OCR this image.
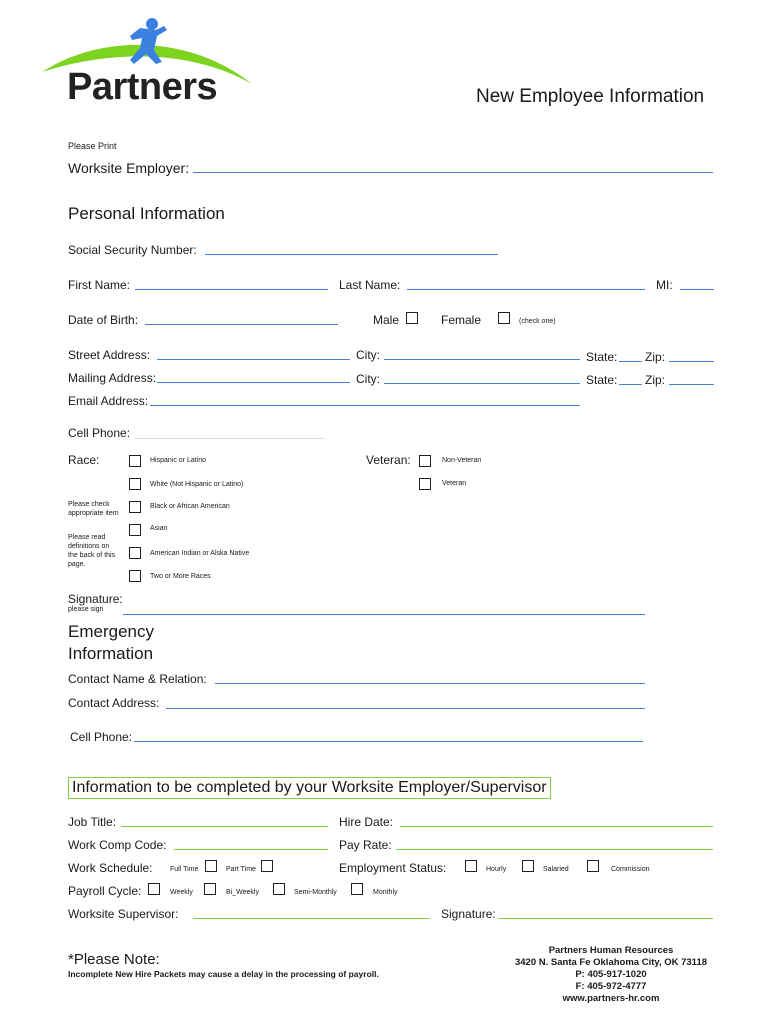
Partners	New Employee Information
Please Print
Worksite Employer:
Personal Information
Social Security Number:
First Name:	Last Name:	MI:
Date of Birth:	Male	Female	(check one)
Street Address:	City:	State: Zip:
Mailing Address:	City:	State: Zip:
Email Address:
Cell Phone:
Race:	Veteran:
Hispanic or Latino
White (Not Hispanic or Latino)
Black or African American
Asian
American Indian or Alska Native
Two or More Races
Non-Veteran
Veteran
Please check appropriate item
Please read definitions on the back of this page.
Signature:
please sign
Emergency
Information
Contact Name & Relation:
Contact Address:
Cell Phone:
Information to be completed by your Worksite Employer/Supervisor
Job Title:	Hire Date:
Work Comp Code:	Pay Rate:
Work Schedule:	Full Time	Part Time	Employment Status:	Hourly	Salaried	Commission
Payroll Cycle:	Weekly	Bi_Weekly	Semi-Monthly	Monthly
Worksite Supervisor:	Signature:
*Please Note:
Incomplete New Hire Packets may cause a delay in the processing of payroll.
Partners Human Resources
3420 N. Santa Fe Oklahoma City, OK 73118
P: 405-917-1020
F: 405-972-4777
www.partners-hr.com
